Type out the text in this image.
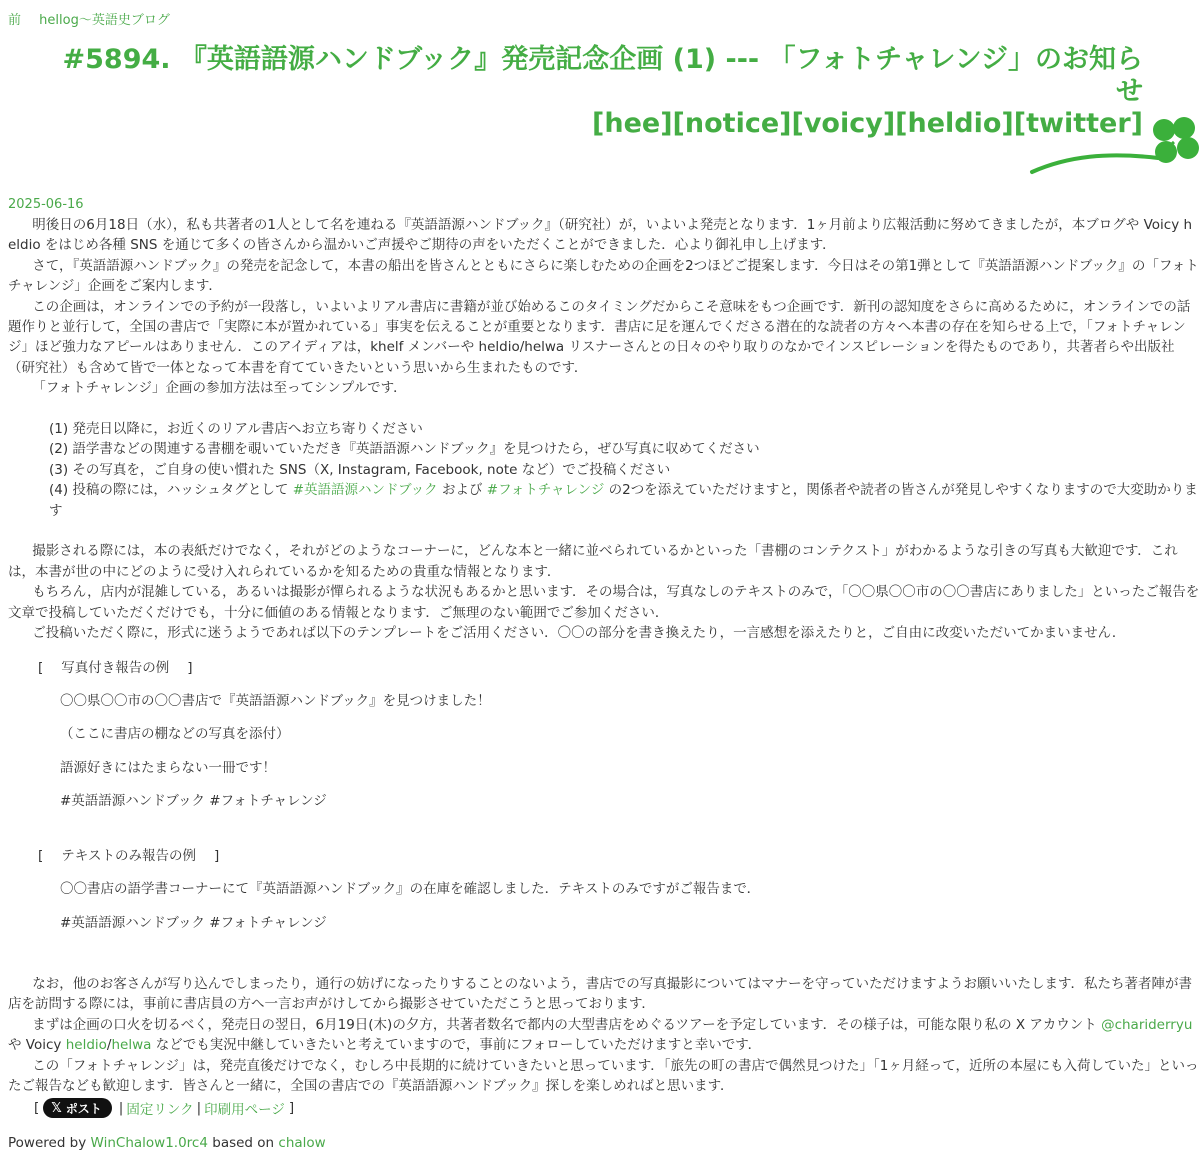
前 hellog～英語史ブログ
#5894. 『英語語源ハンドブック』発売記念企画 (1) --- 「フォトチャレンジ」のお知らせ
[hee][notice][voicy][heldio][twitter]
2025-06-16
明後日の6月18日（水），私も共著者の1人として名を連ねる『英語語源ハンドブック』（研究社）が，いよいよ発売となります．1ヶ月前より広報活動に努めてきましたが，本ブログや Voicy heldio をはじめ各種 SNS を通じて多くの皆さんから温かいご声援やご期待の声をいただくことができました．心より御礼申し上げます．
さて，『英語語源ハンドブック』の発売を記念して，本書の船出を皆さんとともにさらに楽しむための企画を2つほどご提案します．今日はその第1弾として『英語語源ハンドブック』の「フォトチャレンジ」企画をご案内します．
この企画は，オンラインでの予約が一段落し，いよいよリアル書店に書籍が並び始めるこのタイミングだからこそ意味をもつ企画です．新刊の認知度をさらに高めるために，オンラインでの話題作りと並行して，全国の書店で「実際に本が置かれている」事実を伝えることが重要となります．書店に足を運んでくださる潜在的な読者の方々へ本書の存在を知らせる上で，「フォトチャレンジ」ほど強力なアピールはありません．このアイディアは，khelf メンバーや heldio/helwa リスナーさんとの日々のやり取りのなかでインスピレーションを得たものであり，共著者らや出版社（研究社）も含めて皆で一体となって本書を育てていきたいという思いから生まれたものです．
「フォトチャレンジ」企画の参加方法は至ってシンプルです．
(1) 発売日以降に，お近くのリアル書店へお立ち寄りください
(2) 語学書などの関連する書棚を覗いていただき『英語語源ハンドブック』を見つけたら，ぜひ写真に収めてください
(3) その写真を，ご自身の使い慣れた SNS（X, Instagram, Facebook, note など）でご投稿ください
(4) 投稿の際には，ハッシュタグとして #英語語源ハンドブック および #フォトチャレンジ の2つを添えていただけますと，関係者や読者の皆さんが発見しやすくなりますので大変助かります
撮影される際には，本の表紙だけでなく，それがどのようなコーナーに，どんな本と一緒に並べられているかといった「書棚のコンテクスト」がわかるような引きの写真も大歓迎です．これは，本書が世の中にどのように受け入れられているかを知るための貴重な情報となります．
もちろん，店内が混雑している，あるいは撮影が憚られるような状況もあるかと思います．その場合は，写真なしのテキストのみで，「〇〇県〇〇市の〇〇書店にありました」といったご報告を文章で投稿していただくだけでも，十分に価値のある情報となります．ご無理のない範囲でご参加ください．
ご投稿いただく際に，形式に迷うようであれば以下のテンプレートをご活用ください．〇〇の部分を書き換えたり，一言感想を添えたりと，ご自由に改変いただいてかまいません．
[ 写真付き報告の例 ]
〇〇県〇〇市の〇〇書店で『英語語源ハンドブック』を見つけました！
（ここに書店の棚などの写真を添付）
語源好きにはたまらない一冊です！
#英語語源ハンドブック #フォトチャレンジ
[ テキストのみ報告の例 ]
〇〇書店の語学書コーナーにて『英語語源ハンドブック』の在庫を確認しました．テキストのみですがご報告まで．
#英語語源ハンドブック #フォトチャレンジ
なお，他のお客さんが写り込んでしまったり，通行の妨げになったりすることのないよう，書店での写真撮影についてはマナーを守っていただけますようお願いいたします．私たち著者陣が書店を訪問する際には，事前に書店員の方へ一言お声がけしてから撮影させていただこうと思っております．
まずは企画の口火を切るべく，発売日の翌日，6月19日(木)の夕方，共著者数名で都内の大型書店をめぐるツアーを予定しています．その様子は，可能な限り私の X アカウント @chariderryu や Voicy heldio/helwa などでも実況中継していきたいと考えていますので，事前にフォローしていただけますと幸いです．
この「フォトチャレンジ」は，発売直後だけでなく，むしろ中長期的に続けていきたいと思っています．「旅先の町の書店で偶然見つけた」「1ヶ月経って，近所の本屋にも入荷していた」といったご報告なども歓迎します．皆さんと一緒に，全国の書店での『英語語源ハンドブック』探しを楽しめればと思います．
[ 𝕏 ポスト | 固定リンク | 印刷用ページ ]
Powered by WinChalow1.0rc4 based on chalow
